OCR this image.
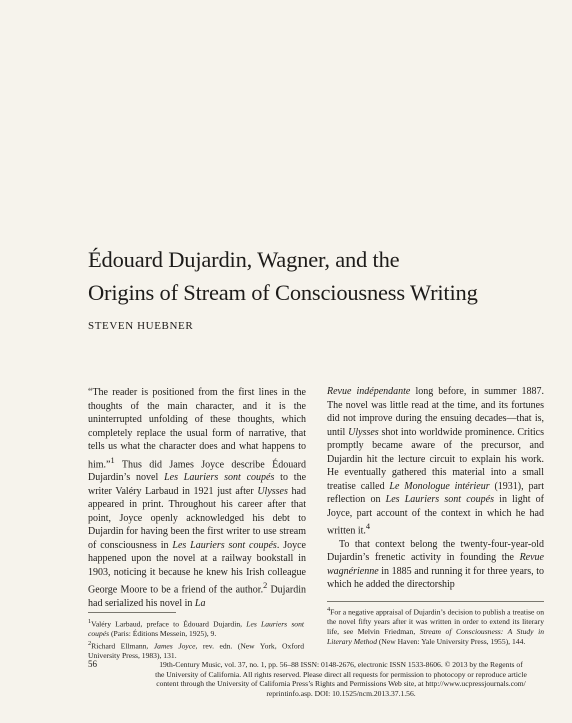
Édouard Dujardin, Wagner, and the
Origins of Stream of Consciousness Writing
STEVEN HUEBNER

“The reader is positioned from the first lines in the thoughts of the main character, and it is the uninterrupted unfolding of these thoughts, which completely replace the usual form of narrative, that tells us what the character does and what happens to him.”$^1$ Thus did James Joyce describe Édouard Dujardin’s novel Les Lauriers sont coupés to the writer Valéry Larbaud in 1921 just after Ulysses had appeared in print. Throughout his career after that point, Joyce openly acknowledged his debt to Dujardin for having been the first writer to use stream of consciousness in Les Lauriers sont coupés. Joyce happened upon the novel at a railway bookstall in 1903, noticing it because he knew his Irish colleague George Moore to be a friend of the author.$^2$ Dujardin had serialized his novel in La

Revue indépendante long before, in summer 1887. The novel was little read at the time, and its fortunes did not improve during the ensuing decades—that is, until Ulysses shot into worldwide prominence. Critics promptly became aware of the precursor, and Dujardin hit the lecture circuit to explain his work. He eventually gathered this material into a small treatise called Le Monologue intérieur (1931), part reflection on Les Lauriers sont coupés in light of Joyce, part account of the context in which he had written it.$^4$

To that context belong the twenty-four-year-old Dujardin’s frenetic activity in founding the Revue wagnérienne in 1885 and running it for three years, to which he added the directorship

$^1$Valéry Larbaud, preface to Édouard Dujardin, Les Lauriers sont coupés (Paris: Éditions Messein, 1925), 9.

$^2$Richard Ellmann, James Joyce, rev. edn. (New York, Oxford University Press, 1983), 131.

$^4$For a negative appraisal of Dujardin’s decision to publish a treatise on the novel fifty years after it was written in order to extend its literary life, see Melvin Friedman, Stream of Consciousness: A Study in Literary Method (New Haven: Yale University Press, 1955), 144.

56	19th-Century Music, vol. 37, no. 1, pp. 56–88 ISSN: 0148-2676, electronic ISSN 1533-8606. © 2013 by the Regents of
the University of California. All rights reserved. Please direct all requests for permission to photocopy or reproduce article
content through the University of California Press’s Rights and Permissions Web site, at http://www.ucpressjournals.com/
reprintinfo.asp. DOI: 10.1525/ncm.2013.37.1.56.
